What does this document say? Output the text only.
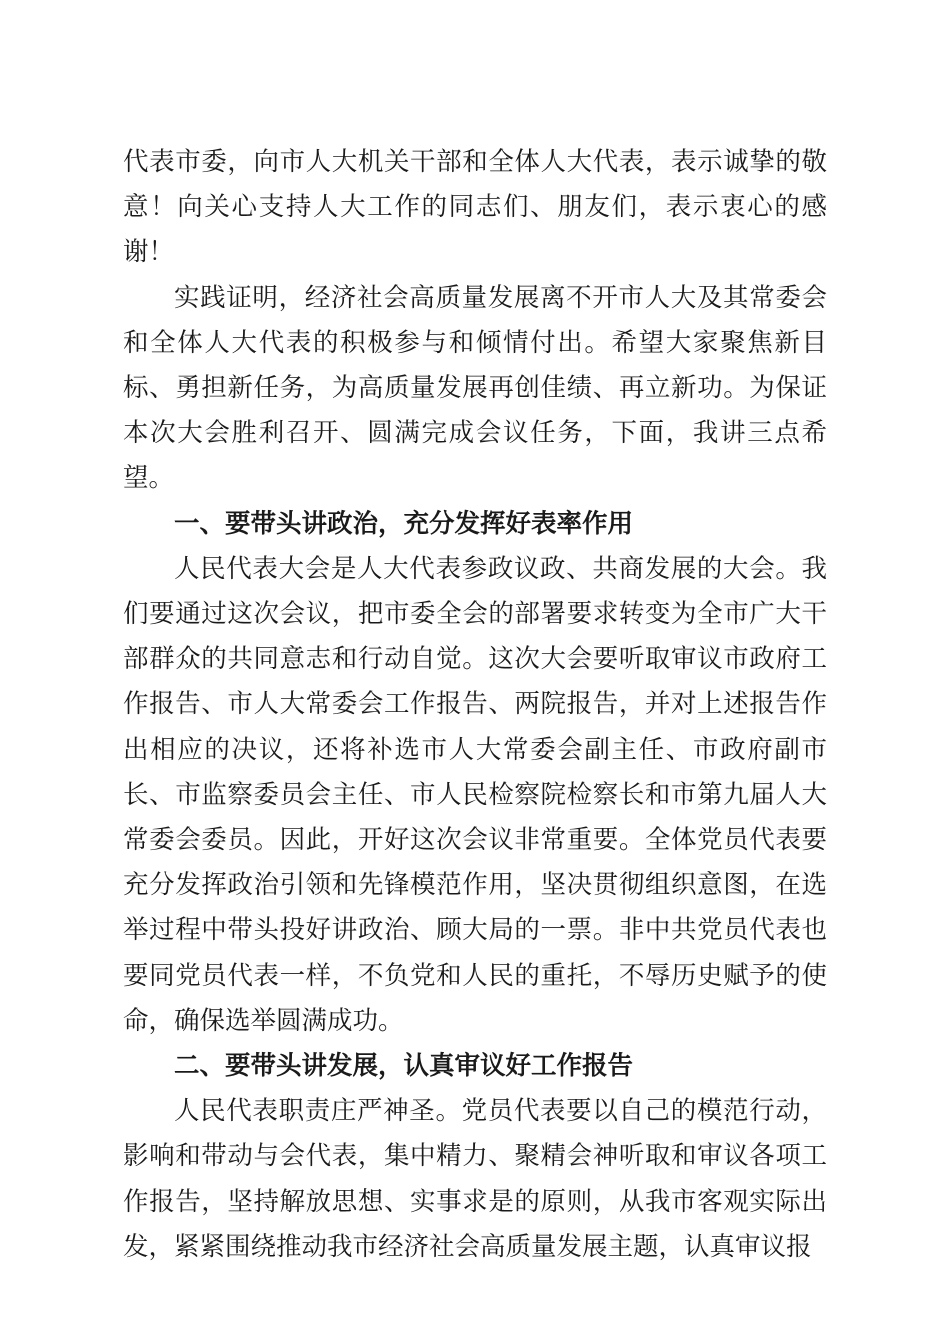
代表市委，向市人大机关干部和全体人大代表，表示诚挚的敬意！向关心支持人大工作的同志们、朋友们，表示衷心的感谢！

实践证明，经济社会高质量发展离不开市人大及其常委会和全体人大代表的积极参与和倾情付出。希望大家聚焦新目标、勇担新任务，为高质量发展再创佳绩、再立新功。为保证本次大会胜利召开、圆满完成会议任务，下面，我讲三点希望。

一、要带头讲政治，充分发挥好表率作用

人民代表大会是人大代表参政议政、共商发展的大会。我们要通过这次会议，把市委全会的部署要求转变为全市广大干部群众的共同意志和行动自觉。这次大会要听取审议市政府工作报告、市人大常委会工作报告、两院报告，并对上述报告作出相应的决议，还将补选市人大常委会副主任、市政府副市长、市监察委员会主任、市人民检察院检察长和市第九届人大常委会委员。因此，开好这次会议非常重要。全体党员代表要充分发挥政治引领和先锋模范作用，坚决贯彻组织意图，在选举过程中带头投好讲政治、顾大局的一票。非中共党员代表也要同党员代表一样，不负党和人民的重托，不辱历史赋予的使命，确保选举圆满成功。

二、要带头讲发展，认真审议好工作报告

人民代表职责庄严神圣。党员代表要以自己的模范行动，影响和带动与会代表，集中精力、聚精会神听取和审议各项工作报告，坚持解放思想、实事求是的原则，从我市客观实际出发，紧紧围绕推动我市经济社会高质量发展主题，认真审议报
